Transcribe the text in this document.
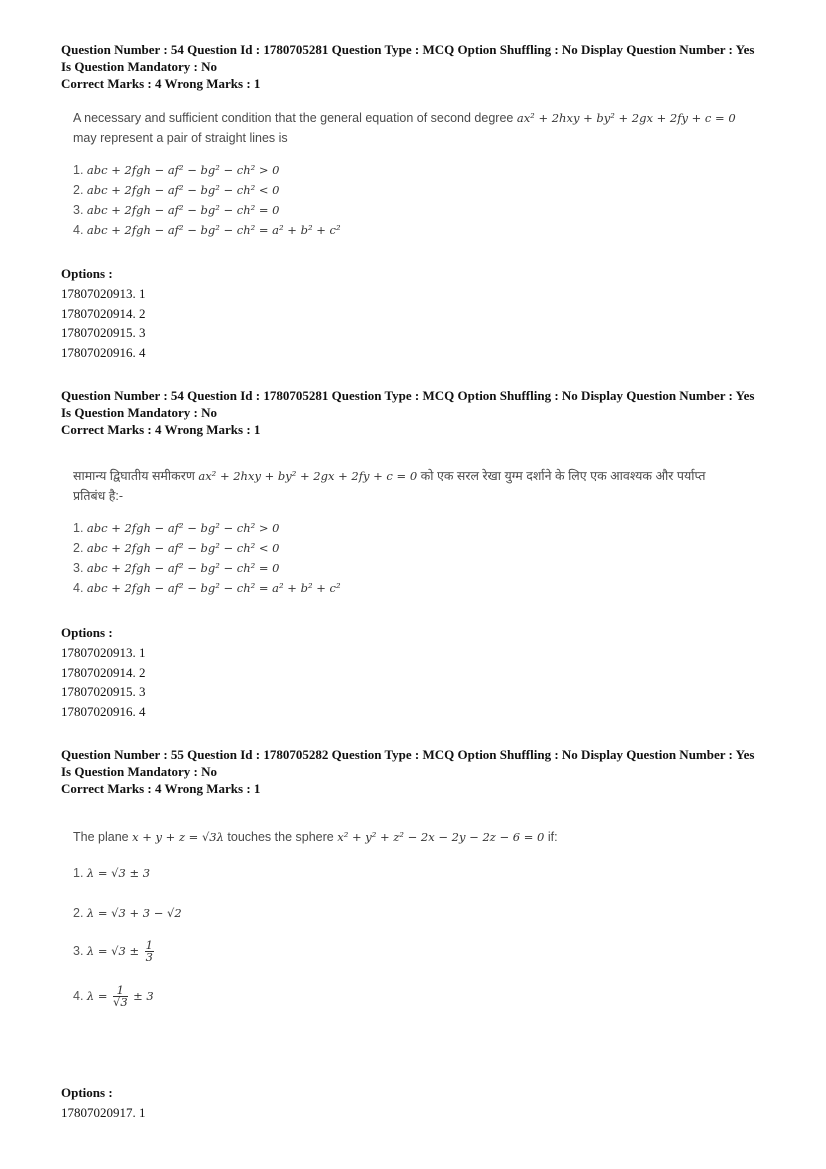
Question Number : 54 Question Id : 1780705281 Question Type : MCQ Option Shuffling : No Display Question Number : Yes
Is Question Mandatory : No
Correct Marks : 4 Wrong Marks : 1
A necessary and sufficient condition that the general equation of second degree ax² + 2hxy + by² + 2gx + 2fy + c = 0
may represent a pair of straight lines is
1. abc + 2fgh − af² − bg² − ch² > 0
2. abc + 2fgh − af² − bg² − ch² < 0
3. abc + 2fgh − af² − bg² − ch² = 0
4. abc + 2fgh − af² − bg² − ch² = a² + b² + c²
Options :
17807020913. 1
17807020914. 2
17807020915. 3
17807020916. 4
Question Number : 54 Question Id : 1780705281 Question Type : MCQ Option Shuffling : No Display Question Number : Yes
Is Question Mandatory : No
Correct Marks : 4 Wrong Marks : 1
सामान्य द्विघातीय समीकरण ax² + 2hxy + by² + 2gx + 2fy + c = 0 को एक सरल रेखा युग्म दर्शाने के लिए एक आवश्यक और पर्याप्त
प्रतिबंध है:-
1. abc + 2fgh − af² − bg² − ch² > 0
2. abc + 2fgh − af² − bg² − ch² < 0
3. abc + 2fgh − af² − bg² − ch² = 0
4. abc + 2fgh − af² − bg² − ch² = a² + b² + c²
Options :
17807020913. 1
17807020914. 2
17807020915. 3
17807020916. 4
Question Number : 55 Question Id : 1780705282 Question Type : MCQ Option Shuffling : No Display Question Number : Yes
Is Question Mandatory : No
Correct Marks : 4 Wrong Marks : 1
The plane x + y + z = √3λ touches the sphere x² + y² + z² − 2x − 2y − 2z − 6 = 0 if:
1. λ = √3 ± 3
2. λ = √3 + 3 − √2
3. $\lambda = √3 \pm \frac{1}{3}$
4. $\lambda = \frac{1}{√3} \pm 3$
Options :
17807020917. 1
